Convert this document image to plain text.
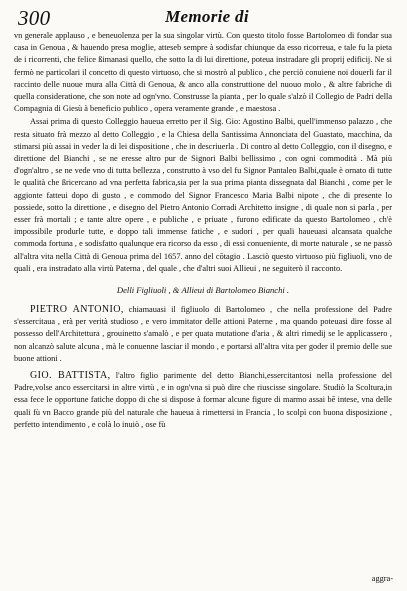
300	Memorie di

vn generale applauso , e beneuolenza per la sua singolar virtù. Con questo titolo fosse Bartolomeo di fondar sua casa in Genoua , & hauendo presa moglie, atteseb sempre à sodisfar chiunque da esso ricorreua, e tale fu la pieta de i ricorrenti, che felice ßimanasi quello, che sotto la di lui direttione, poteua instradare gli proprij edificij. Ne si fermò ne particolari il concetto di questo virtuoso, che si mostrò al publico , che perciò conuiene noi douerli far il raccinto delle nuoue mura alla Città di Genoua, & anco alla construttione del nuouo molo , & altre fabriche di quella consideratione, che son note ad ogn'vno. Construsse la pianta , per lo quale s'alzò il Collegio de Padri della Compagnia di Giesù à beneficio publico , opera veramente grande , e maestosa .

Assai prima di questo Colleggio haueua erretto per il Sig. Gio: Agostino Balbi, quell'immenso palazzo , che resta situato frà mezzo al detto Colleggio , e la Chiesa della Santissima Annonciata del Guastato, macchina, da stimarsi più assai in veder la di lei dispositione , che in descriuerla . Di contro al detto Colleggio, con il disegno, e direttione del Bianchi , se ne eresse altro pur de Signori Balbi bellissimo , con ogni commodità . Mà più d'ogn'altro , se ne vede vno di tutta bellezza , construtto à vso del fu Signor Pantaleo Balbi,quale è ornato di tutte le qualità che ßricercano ad vna perfetta fabrica,sia per la sua prima pianta dissegnata dal Bianchi , come per le aggionte fatteui dopo di gusto , e commodo del Signor Francesco Maria Balbi nipote , che di presente lo possiede, sotto la direttione , e disegno del Pietro Antonio Corradi Architetto insigne , di quale non si parla , per esser frà mortali ; e tante altre opere , e publiche , e priuate , furono edificate da questo Bartolomeo , ch'è impossibile produrle tutte, e doppo tali immense fatiche , e sudori , per quali haueuasi alcansata qualche commoda fortuna , e sodisfatto qualunque era ricorso da esso , di essi conueniente, di morte naturale , se ne passò all'altra vita nella Città di Genoua prima del 1657. anno del cōtagio . Lasciò questo virtuoso più figliuoli, vno de quali , era instradato alla virtù Paterna , del quale , che d'altri suoi Allieui , ne seguiterò il racconto.

Delli Figliuoli , & Allieui di Bartolomeo Bianchi .

PIETRO ANTONIO, chiamauasi il figliuolo di Bartolomeo , che nella professione del Padre s'essercitaua , erà per verità studioso , e vero immitator delle attioni Paterne , ma quando poteuasi dire fosse al possesso dell'Architettura , grouinetto s'amalò , e per quata mutatione d'aria , & altri rimedij se le applicassero , non alcanzò salute alcuna , mà le conuenne lasciar il mondo , e portarsi all'altra vita per goder il premio delle sue buone attioni .

GIO. BATTISTA, l'altro figlio parimente del detto Bianchi,essercitantosi nella professione del Padre,volse anco essercitarsi in altre virtù , e in ogn'vna si può dire che riuscisse singolare. Studiò la Scoltura,in essa fece le opportune fatiche doppo di che si dispose à formar alcune figure di marmo assai bē intese, vna delle quali fù vn Bacco grande più del naturale che haueua à rimettersi in Francia , lo scolpì con buona disposizione , perfetto intendimento , e colà lo inuiò , ose fù

aggra-
